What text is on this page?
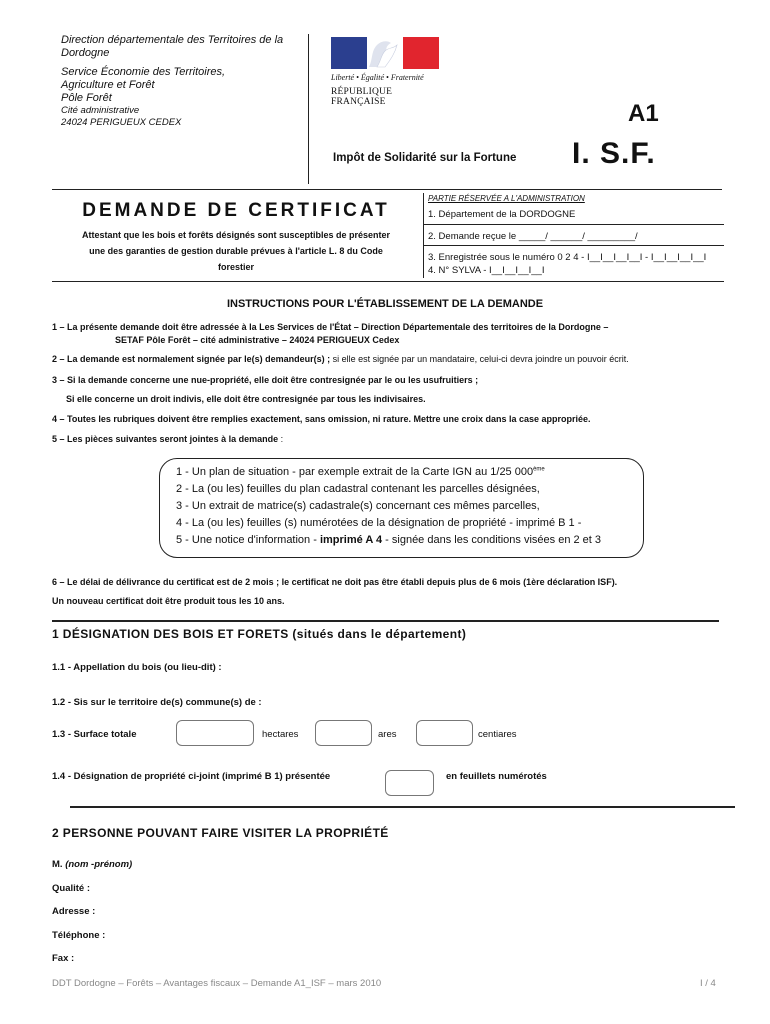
Direction départementale des Territoires de la Dordogne
Service Économie des Territoires,
Agriculture et Forêt
Pôle Forêt
Cité administrative
24024 PERIGUEUX CEDEX
Liberté • Égalité • Fraternité
RÉPUBLIQUE FRANÇAISE	A1
Impôt de Solidarité sur la Fortune I. S.F.
DEMANDE DE CERTIFICAT
Attestant que les bois et forêts désignés sont susceptibles de présenter
une des garanties de gestion durable prévues à l'article L. 8 du Code
forestier
PARTIE RÉSERVÉE A L'ADMINISTRATION
1. Département de la DORDOGNE
2. Demande reçue le _____/ ______/ _________/
3. Enregistrée sous le numéro 0 2 4 - I__I__I__I__I - I__I__I__I__I
4. N° SYLVA - I__I__I__I__I
INSTRUCTIONS POUR L'ÉTABLISSEMENT DE LA DEMANDE
1 – La présente demande doit être adressée à la Les Services de l'État – Direction Départementale des territoires de la Dordogne –
SETAF Pôle Forêt – cité administrative – 24024 PERIGUEUX Cedex
2 – La demande est normalement signée par le(s) demandeur(s) ; si elle est signée par un mandataire, celui-ci devra joindre un pouvoir écrit.
3 – Si la demande concerne une nue-propriété, elle doit être contresignée par le ou les usufruitiers ;
Si elle concerne un droit indivis, elle doit être contresignée par tous les indivisaires.
4 – Toutes les rubriques doivent être remplies exactement, sans omission, ni rature. Mettre une croix dans la case appropriée.
5 – Les pièces suivantes seront jointes à la demande :
1 - Un plan de situation - par exemple extrait de la Carte IGN au 1/25 000ème
2 - La (ou les) feuilles du plan cadastral contenant les parcelles désignées,
3 - Un extrait de matrice(s) cadastrale(s) concernant ces mêmes parcelles,
4 - La (ou les) feuilles (s) numérotées de la désignation de propriété - imprimé B 1 -
5 - Une notice d'information - imprimé A 4 - signée dans les conditions visées en 2 et 3
6 – Le délai de délivrance du certificat est de 2 mois ; le certificat ne doit pas être établi depuis plus de 6 mois (1ère déclaration ISF).
Un nouveau certificat doit être produit tous les 10 ans.
1 DÉSIGNATION DES BOIS ET FORETS (situés dans le département)
1.1 - Appellation du bois (ou lieu-dit) :
1.2 - Sis sur le territoire de(s) commune(s) de :
1.3 - Surface totale	hectares	ares	centiares
1.4 - Désignation de propriété ci-joint (imprimé B 1) présentée	en feuillets numérotés
2 PERSONNE POUVANT FAIRE VISITER LA PROPRIÉTÉ
M. (nom -prénom)
Qualité :
Adresse :
Téléphone :
Fax :
DDT Dordogne – Forêts – Avantages fiscaux – Demande A1_ISF – mars 2010	I / 4
